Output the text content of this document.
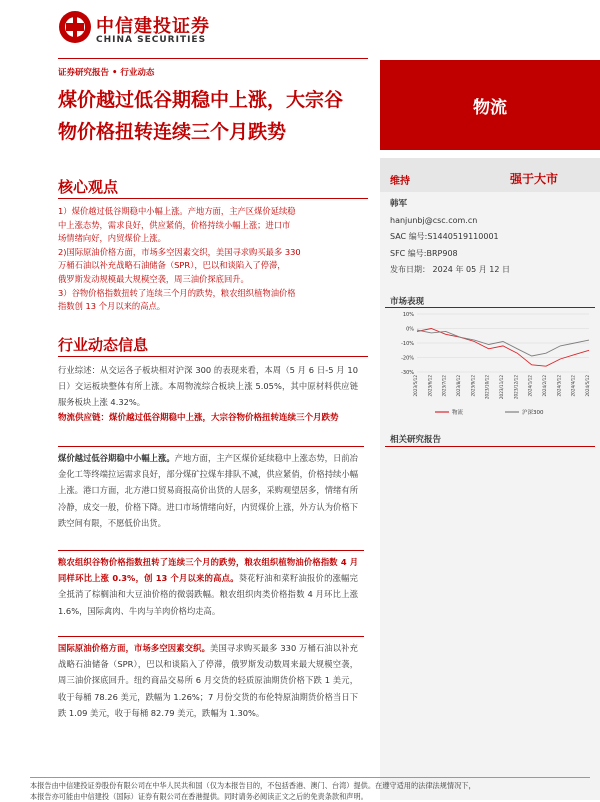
中信建投证券
CHINA SECURITIES
证券研究报告 • 行业动态
煤价越过低谷期稳中上涨，大宗谷
物价格扭转连续三个月跌势
物流
核心观点
1）煤价越过低谷期稳中小幅上涨。产地方面，主产区煤价延续稳
中上涨态势，需求良好，供应紧俏，价格持续小幅上涨；进口市
场情绪向好，内贸煤价上涨。
2)国际原油价格方面，市场多空因素交织，美国寻求购买最多 330
万桶石油以补充战略石油储备（SPR），巴以和谈陷入了停滞，
俄罗斯发动规模最大规模空袭，周三油价探底回升。
3）谷物价格指数扭转了连续三个月的跌势，粮农组织植物油价格
指数创 13 个月以来的高点。
行业动态信息
行业综述：从交运各子板块相对沪深 300 的表现来看，本周（5 月 6 日-5 月 10 日）交运板块整体有所上涨。本周物流综合板块上涨 5.05%，其中原材料供应链服务板块上涨 4.32%。
物流供应链：煤价越过低谷期稳中上涨，大宗谷物价格扭转连续三个月跌势
煤价越过低谷期稳中小幅上涨。产地方面，主产区煤价延续稳中上涨态势，日前冶金化工等终端拉运需求良好，部分煤矿拉煤车排队不减，供应紧俏，价格持续小幅上涨。港口方面，北方港口贸易商报高价出货的人居多，采购观望居多，情绪有所冷静，成交一般，价格下降。进口市场情绪向好，内贸煤价上涨，外方认为价格下跌空间有限，不愿低价出货。
粮农组织谷物价格指数扭转了连续三个月的跌势，粮农组织植物油价格指数 4 月同样环比上涨 0.3%，创 13 个月以来的高点。葵花籽油和菜籽油报价的涨幅完全抵消了棕榈油和大豆油价格的微弱跌幅。粮农组织肉类价格指数 4 月环比上涨 1.6%，国际禽肉、牛肉与羊肉价格均走高。
国际原油价格方面，市场多空因素交织。美国寻求购买最多 330 万桶石油以补充战略石油储备（SPR），巴以和谈陷入了停滞，俄罗斯发动数周来最大规模空袭，周三油价探底回升。纽约商品交易所 6 月交货的轻质原油期货价格下跌 1 美元，收于每桶 78.26 美元，跌幅为 1.26%；7 月份交货的布伦特原油期货价格当日下跌 1.09 美元，收于每桶 82.79 美元，跌幅为 1.30%。
维持	强于大市
韩军
hanjunbj@csc.com.cn
SAC 编号:S1440519110001
SFC 编号:BRP908
发布日期： 2024 年 05 月 12 日
市场表现
10%
0%
-10%
-20%
-30%
2023/5/12 2023/6/12 2023/7/12 2023/8/12 2023/9/12 2023/10/12 2023/11/12 2023/12/12 2024/1/12 2024/2/12 2024/3/12 2024/4/12 2024/5/12
物流	沪深300
相关研究报告
本报告由中信建投证券股份有限公司在中华人民共和国（仅为本报告目的，不包括香港、澳门、台湾）提供。在遵守适用的法律法规情况下，
本报告亦可能由中信建投（国际）证券有限公司在香港提供。同时请务必阅读正文之后的免责条款和声明。
